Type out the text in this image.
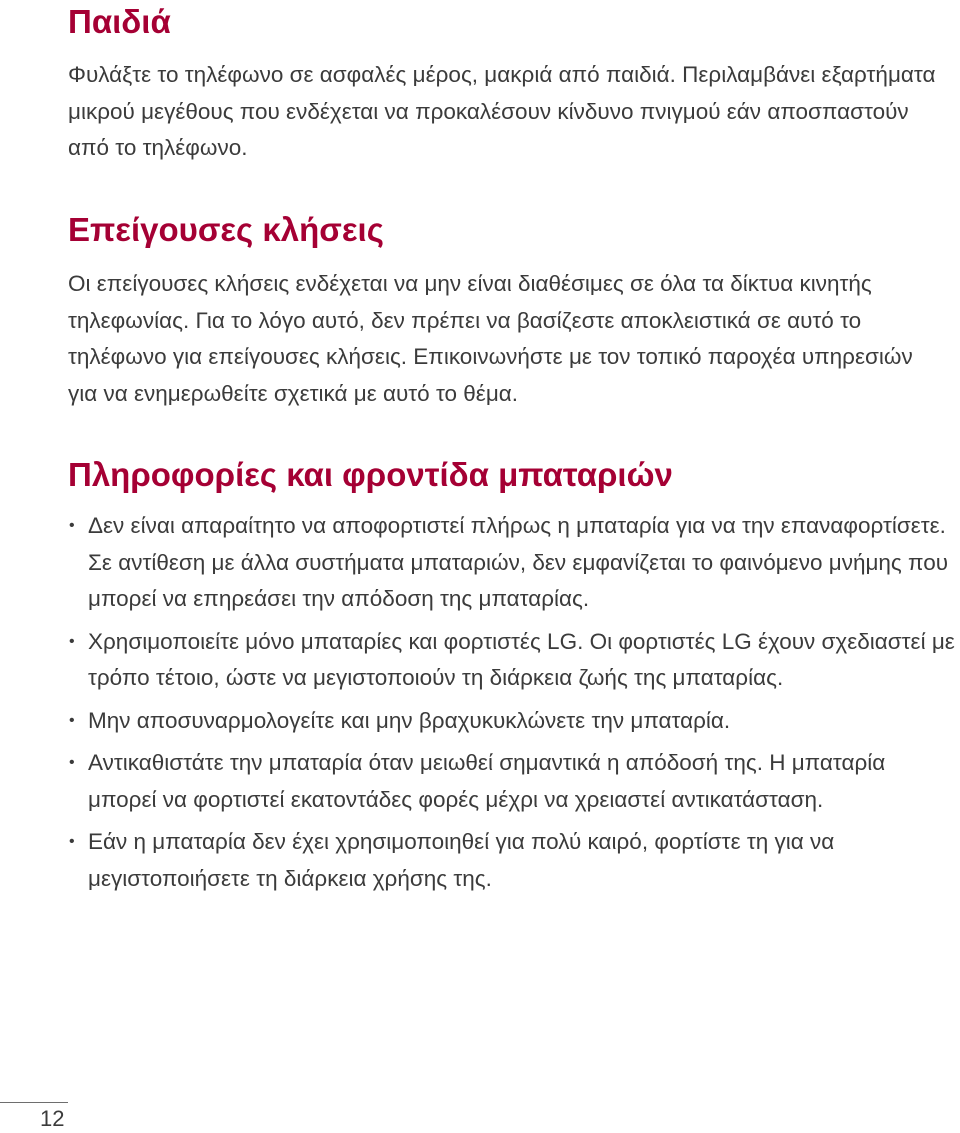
Παιδιά

Φυλάξτε το τηλέφωνο σε ασφαλές μέρος, μακριά από παιδιά. Περιλαμβάνει εξαρτήματα μικρού μεγέθους που ενδέχεται να προκαλέσουν κίνδυνο πνιγμού εάν αποσπαστούν από το τηλέφωνο.

Επείγουσες κλήσεις

Οι επείγουσες κλήσεις ενδέχεται να μην είναι διαθέσιμες σε όλα τα δίκτυα κινητής τηλεφωνίας. Για το λόγο αυτό, δεν πρέπει να βασίζεστε αποκλειστικά σε αυτό το τηλέφωνο για επείγουσες κλήσεις. Επικοινωνήστε με τον τοπικό παροχέα υπηρεσιών για να ενημερωθείτε σχετικά με αυτό το θέμα.

Πληροφορίες και φροντίδα μπαταριών
• Δεν είναι απαραίτητο να αποφορτιστεί πλήρως η μπαταρία για να την επαναφορτίσετε. Σε αντίθεση με άλλα συστήματα μπαταριών, δεν εμφανίζεται το φαινόμενο μνήμης που μπορεί να επηρεάσει την απόδοση της μπαταρίας.
• Χρησιμοποιείτε μόνο μπαταρίες και φορτιστές LG. Οι φορτιστές LG έχουν σχεδιαστεί με τρόπο τέτοιο, ώστε να μεγιστοποιούν τη διάρκεια ζωής της μπαταρίας.
• Μην αποσυναρμολογείτε και μην βραχυκυκλώνετε την μπαταρία.
• Αντικαθιστάτε την μπαταρία όταν μειωθεί σημαντικά η απόδοσή της. Η μπαταρία μπορεί να φορτιστεί εκατοντάδες φορές μέχρι να χρειαστεί αντικατάσταση.
• Εάν η μπαταρία δεν έχει χρησιμοποιηθεί για πολύ καιρό, φορτίστε τη για να μεγιστοποιήσετε τη διάρκεια χρήσης της.
12
